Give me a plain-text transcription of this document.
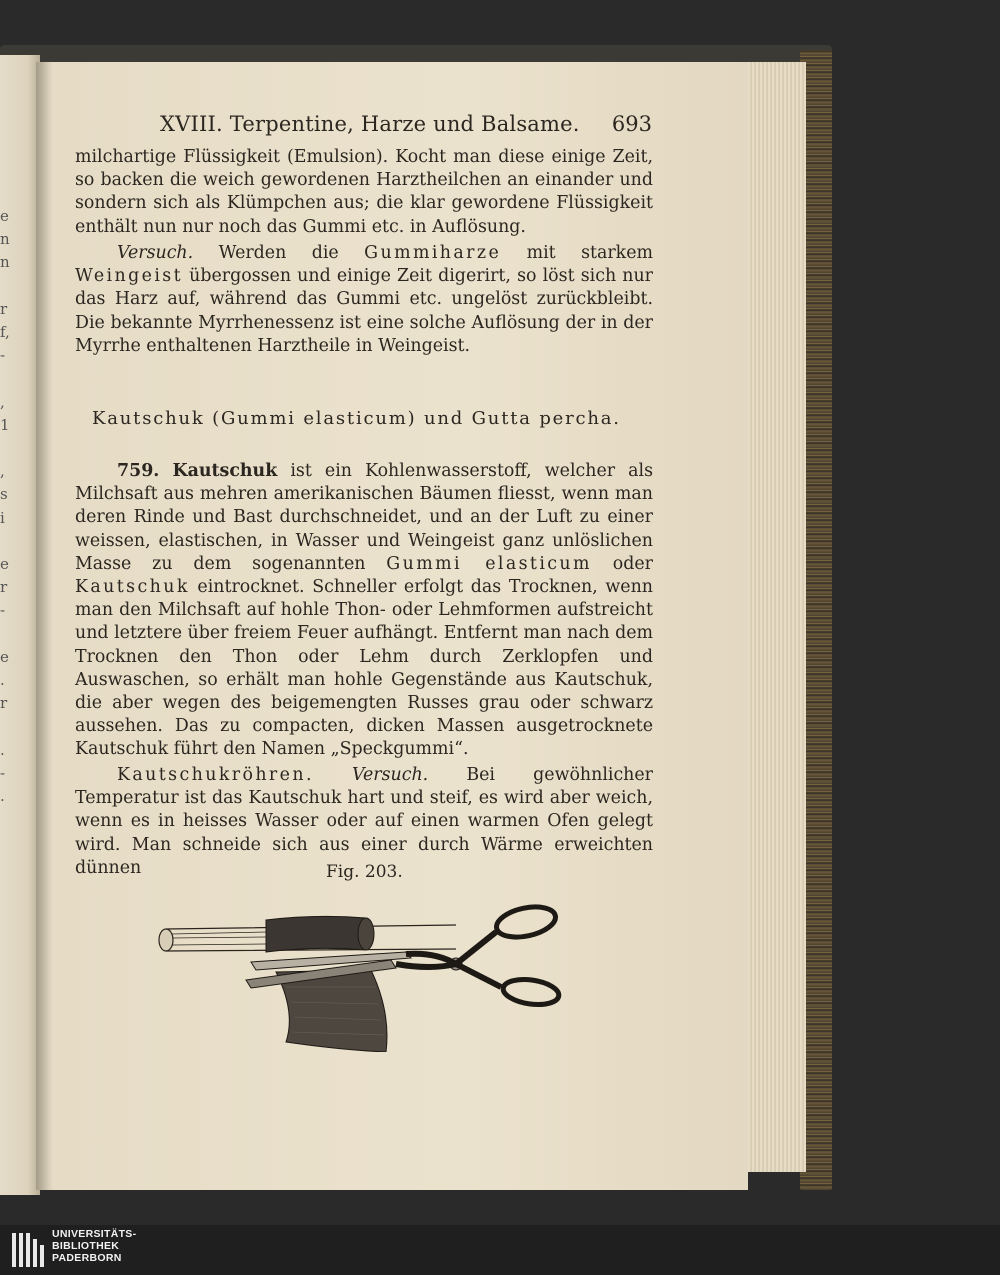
e
n
n

r
f,
-

,
1

,
s
i

e
r
-

e
.
r

.
-
.
XVIII. Terpentine, Harze und Balsame. 693
milchartige Flüssigkeit (Emulsion). Kocht man diese einige Zeit, so backen die weich gewordenen Harztheilchen an einander und sondern sich als Klümpchen aus; die klar gewordene Flüssigkeit enthält nun nur noch das Gummi etc. in Auflösung.
Versuch. Werden die Gummiharze mit starkem Weingeist übergossen und einige Zeit digerirt, so löst sich nur das Harz auf, während das Gummi etc. ungelöst zurückbleibt. Die bekannte Myrrhenessenz ist eine solche Auflösung der in der Myrrhe enthaltenen Harztheile in Weingeist.
Kautschuk (Gummi elasticum) und Gutta percha.
759. Kautschuk ist ein Kohlenwasserstoff, welcher als Milchsaft aus mehren amerikanischen Bäumen fliesst, wenn man deren Rinde und Bast durchschneidet, und an der Luft zu einer weissen, elastischen, in Wasser und Weingeist ganz unlöslichen Masse zu dem sogenannten Gummi elasticum oder Kautschuk eintrocknet. Schneller erfolgt das Trocknen, wenn man den Milchsaft auf hohle Thon- oder Lehmformen aufstreicht und letztere über freiem Feuer aufhängt. Entfernt man nach dem Trocknen den Thon oder Lehm durch Zerklopfen und Auswaschen, so erhält man hohle Gegenstände aus Kautschuk, die aber wegen des beigemengten Russes grau oder schwarz aussehen. Das zu compacten, dicken Massen ausgetrocknete Kautschuk führt den Namen „Speckgummi“.
Kautschukröhren. Versuch. Bei gewöhnlicher Temperatur ist das Kautschuk hart und steif, es wird aber weich, wenn es in heisses Wasser oder auf einen warmen Ofen gelegt wird. Man schneide sich aus einer durch Wärme erweichten dünnen	Fig. 203.
UNIVERSITÄTS-
BIBLIOTHEK
PADERBORN
